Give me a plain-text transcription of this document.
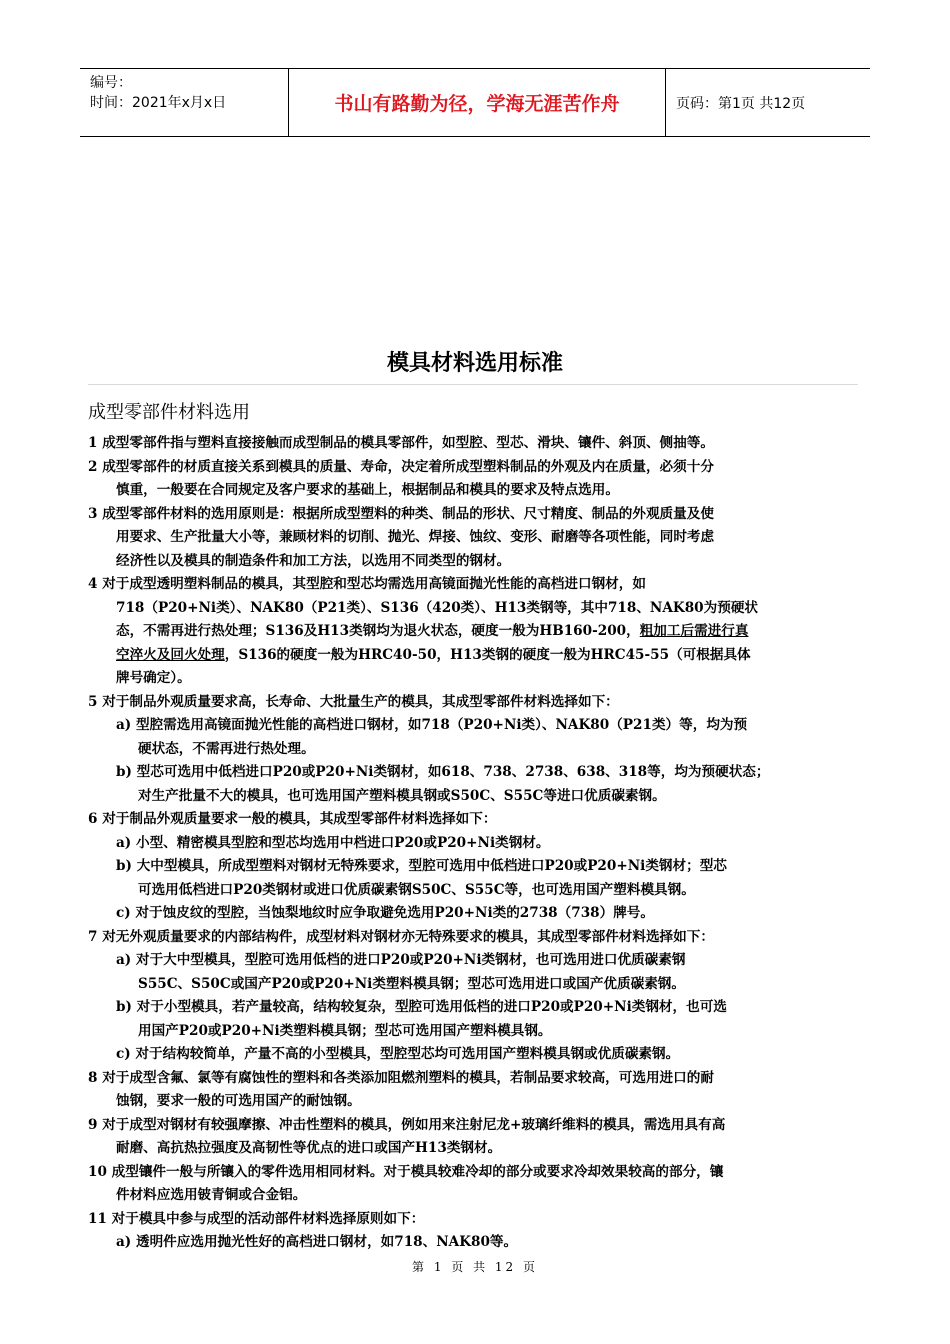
编号：
时间：2021年x月x日	书山有路勤为径，学海无涯苦作舟	页码：第1页 共12页
模具材料选用标准
成型零部件材料选用
1 成型零部件指与塑料直接接触而成型制品的模具零部件，如型腔、型芯、滑块、镶件、斜顶、侧抽等。
2 成型零部件的材质直接关系到模具的质量、寿命，决定着所成型塑料制品的外观及内在质量，必须十分
慎重，一般要在合同规定及客户要求的基础上，根据制品和模具的要求及特点选用。
3 成型零部件材料的选用原则是：根据所成型塑料的种类、制品的形状、尺寸精度、制品的外观质量及使
用要求、生产批量大小等，兼顾材料的切削、抛光、焊接、蚀纹、变形、耐磨等各项性能，同时考虑
经济性以及模具的制造条件和加工方法，以选用不同类型的钢材。
4 对于成型透明塑料制品的模具，其型腔和型芯均需选用高镜面抛光性能的高档进口钢材，如
718（P20+Ni类）、NAK80（P21类）、S136（420类）、H13类钢等，其中718、NAK80为预硬状
态，不需再进行热处理；S136及H13类钢均为退火状态，硬度一般为HB160-200，粗加工后需进行真
空淬火及回火处理，S136的硬度一般为HRC40-50，H13类钢的硬度一般为HRC45-55（可根据具体
牌号确定）。
5 对于制品外观质量要求高，长寿命、大批量生产的模具，其成型零部件材料选择如下：
a) 型腔需选用高镜面抛光性能的高档进口钢材，如718（P20+Ni类）、NAK80（P21类）等，均为预
硬状态，不需再进行热处理。
b) 型芯可选用中低档进口P20或P20+Ni类钢材，如618、738、2738、638、318等，均为预硬状态；
对生产批量不大的模具，也可选用国产塑料模具钢或S50C、S55C等进口优质碳素钢。
6 对于制品外观质量要求一般的模具，其成型零部件材料选择如下：
a) 小型、精密模具型腔和型芯均选用中档进口P20或P20+Ni类钢材。
b) 大中型模具，所成型塑料对钢材无特殊要求，型腔可选用中低档进口P20或P20+Ni类钢材；型芯
可选用低档进口P20类钢材或进口优质碳素钢S50C、S55C等，也可选用国产塑料模具钢。
c) 对于蚀皮纹的型腔，当蚀梨地纹时应争取避免选用P20+Ni类的2738（738）牌号。
7 对无外观质量要求的内部结构件，成型材料对钢材亦无特殊要求的模具，其成型零部件材料选择如下：
a) 对于大中型模具，型腔可选用低档的进口P20或P20+Ni类钢材，也可选用进口优质碳素钢
S55C、S50C或国产P20或P20+Ni类塑料模具钢；型芯可选用进口或国产优质碳素钢。
b) 对于小型模具，若产量较高，结构较复杂，型腔可选用低档的进口P20或P20+Ni类钢材，也可选
用国产P20或P20+Ni类塑料模具钢；型芯可选用国产塑料模具钢。
c) 对于结构较简单，产量不高的小型模具，型腔型芯均可选用国产塑料模具钢或优质碳素钢。
8 对于成型含氟、氯等有腐蚀性的塑料和各类添加阻燃剂塑料的模具，若制品要求较高，可选用进口的耐
蚀钢，要求一般的可选用国产的耐蚀钢。
9 对于成型对钢材有较强摩擦、冲击性塑料的模具，例如用来注射尼龙+玻璃纤维料的模具，需选用具有高
耐磨、高抗热拉强度及高韧性等优点的进口或国产H13类钢材。
10 成型镶件一般与所镶入的零件选用相同材料。对于模具较难冷却的部分或要求冷却效果较高的部分，镶
件材料应选用铍青铜或合金铝。
11 对于模具中参与成型的活动部件材料选择原则如下：
a) 透明件应选用抛光性好的高档进口钢材，如718、NAK80等。
第 1 页 共 12 页
